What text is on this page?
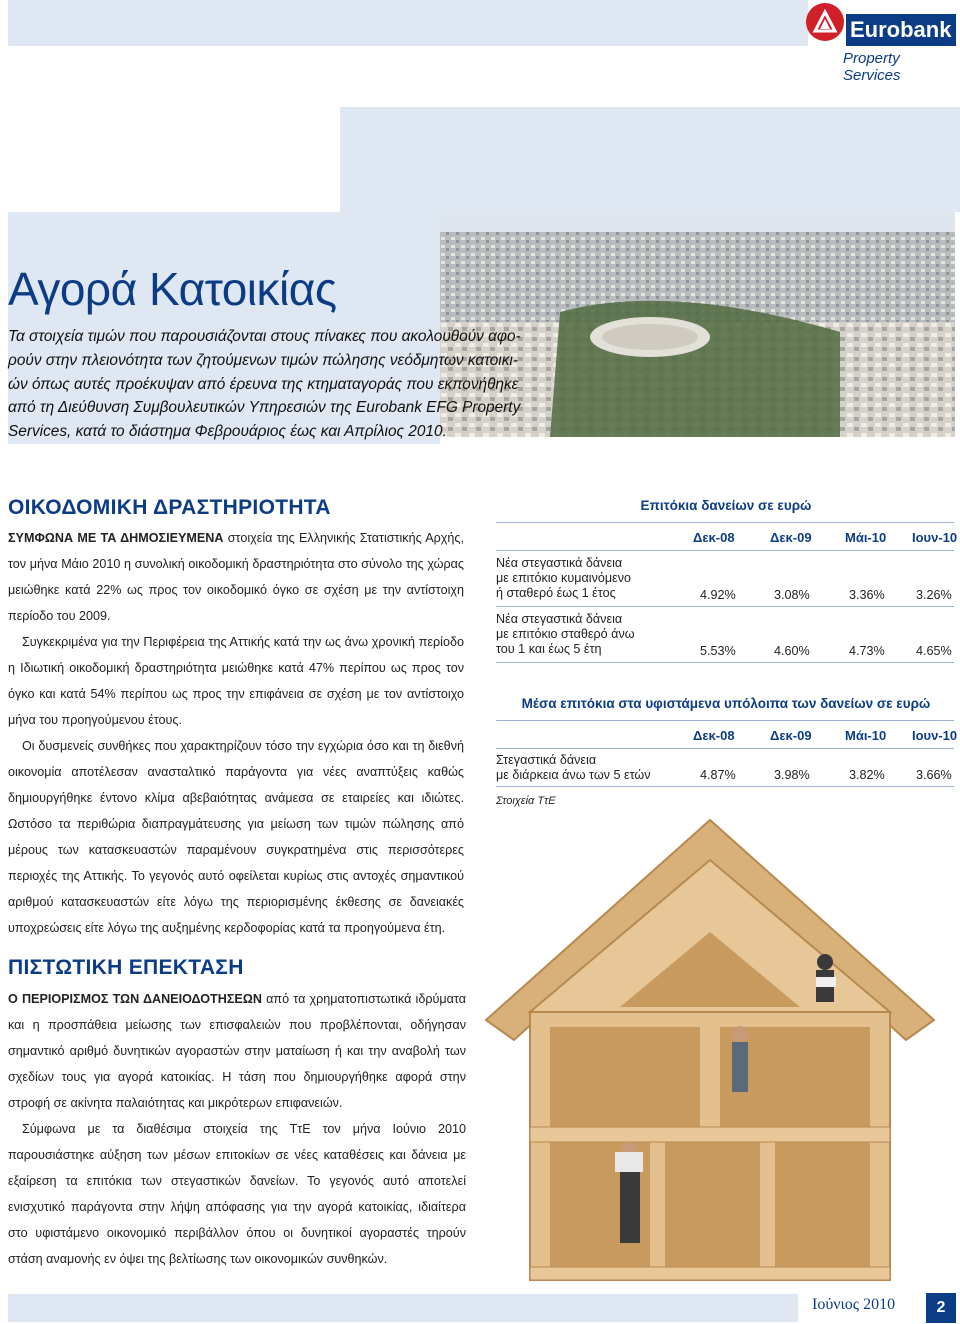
Eurobank
Property Services
Αγορά Κατοικίας
Τα στοιχεία τιμών που παρουσιάζονται στους πίνακες που ακολουθούν αφο-
ρούν στην πλειονότητα των ζητούμενων τιμών πώλησης νεόδμητων κατοικι-
ών όπως αυτές προέκυψαν από έρευνα της κτηματαγοράς που εκπονήθηκε
από τη Διεύθυνση Συμβουλευτικών Υπηρεσιών της Eurobank EFG Property
Services, κατά το διάστημα Φεβρουάριος έως και Απρίλιος 2010.
ΟΙΚΟΔΟΜΙΚΗ ΔΡΑΣΤΗΡΙΟΤΗΤΑ

ΣΥΜΦΩΝΑ ΜΕ ΤΑ ΔΗΜΟΣΙΕΥΜΕΝΑ στοιχεία της Ελληνικής Στατιστικής Αρχής, τον μήνα Μάιο 2010 η συνολική οικοδομική δραστηριότητα στο σύνολο της χώρας μειώθηκε κατά 22% ως προς τον οικοδομικό όγκο σε σχέση με την αντίστοιχη περίοδο του 2009.

Συγκεκριμένα για την Περιφέρεια της Αττικής κατά την ως άνω χρονική περίοδο η Ιδιωτική οικοδομική δραστηριότητα μειώθηκε κατά 47% περίπου ως προς τον όγκο και κατά 54% περίπου ως προς την επιφάνεια σε σχέση με τον αντίστοιχο μήνα του προηγούμενου έτους.

Οι δυσμενείς συνθήκες που χαρακτηρίζουν τόσο την εγχώρια όσο και τη διεθνή οικονομία αποτέλεσαν ανασταλτικό παράγοντα για νέες αναπτύξεις καθώς δημιουργήθηκε έντονο κλίμα αβεβαιότητας ανάμεσα σε εταιρείες και ιδιώτες. Ωστόσο τα περιθώρια διαπραγμάτευσης για μείωση των τιμών πώλησης από μέρους των κατασκευαστών παραμένουν συγκρατημένα στις περισσότερες περιοχές της Αττικής. Το γεγονός αυτό οφείλεται κυρίως στις αντοχές σημαντικού αριθμού κατασκευαστών είτε λόγω της περιορισμένης έκθεσης σε δανειακές υποχρεώσεις είτε λόγω της αυξημένης κερδοφορίας κατά τα προηγούμενα έτη.

ΠΙΣΤΩΤΙΚΗ ΕΠΕΚΤΑΣΗ

Ο ΠΕΡΙΟΡΙΣΜΟΣ ΤΩΝ ΔΑΝΕΙΟΔΟΤΗΣΕΩΝ από τα χρηματοπιστωτικά ιδρύματα και η προσπάθεια μείωσης των επισφαλειών που προβλέπονται, οδήγησαν σημαντικό αριθμό δυνητικών αγοραστών στην ματαίωση ή και την αναβολή των σχεδίων τους για αγορά κατοικίας. Η τάση που δημιουργήθηκε αφορά στην στροφή σε ακίνητα παλαιότητας και μικρότερων επιφανειών.

Σύμφωνα με τα διαθέσιμα στοιχεία της ΤτΕ τον μήνα Ιούνιο 2010 παρουσιάστηκε αύξηση των μέσων επιτοκίων σε νέες καταθέσεις και δάνεια με εξαίρεση τα επιτόκια των στεγαστικών δανείων. Το γεγονός αυτό αποτελεί ενισχυτικό παράγοντα στην λήψη απόφασης για την αγορά κατοικίας, ιδιαίτερα στο υφιστάμενο οικονομικό περιβάλλον όπου οι δυνητικοί αγοραστές τηρούν στάση αναμονής εν όψει της βελτίωσης των οικονομικών συνθηκών.

Επιτόκια δανείων σε ευρώ
Δεκ-08	Δεκ-09	Μάι-10 Ιουν-10
Νέα στεγαστικά δάνεια
με επιτόκιο κυμαινόμενο
ή σταθερό έως 1 έτος	4.92%	3.08%	3.36% 3.26%
Νέα στεγαστικά δάνεια
με επιτόκιο σταθερό άνω
του 1 και έως 5 έτη	5.53%	4.60%	4.73% 4.65%
Μέσα επιτόκια στα υφιστάμενα υπόλοιπα των δανείων σε ευρώ
Δεκ-08	Δεκ-09	Μάι-10 Ιουν-10
Στεγαστικά δάνεια
με διάρκεια άνω των 5 ετών	4.87%	3.98%	3.82% 3.66%
Στοιχεία ΤτΕ
Ιούνιος 2010	2
